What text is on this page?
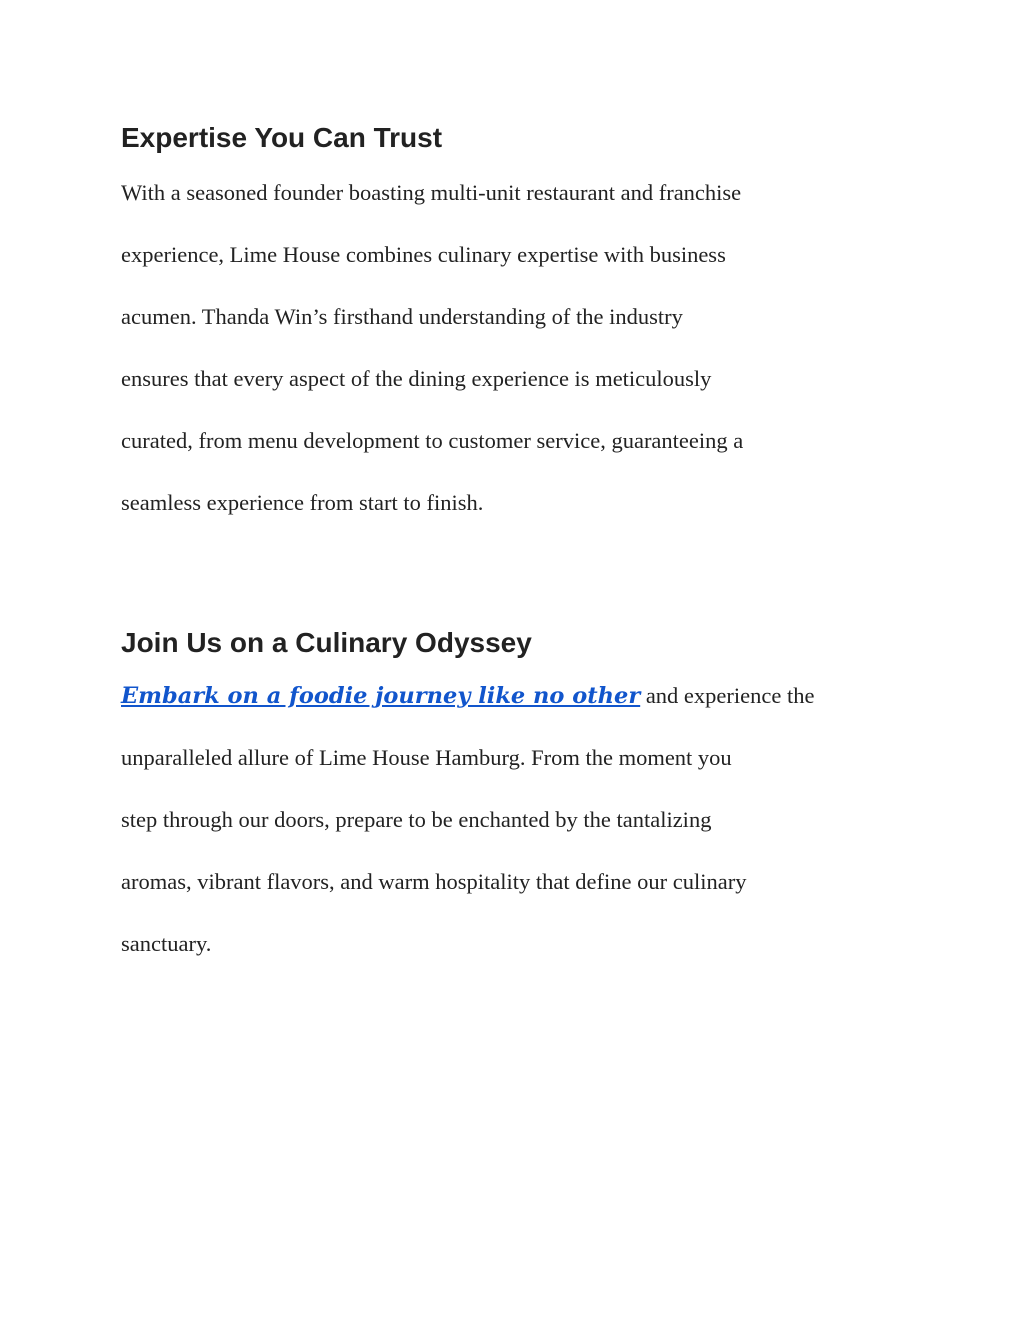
Expertise You Can Trust

With a seasoned founder boasting multi-unit restaurant and franchise
experience, Lime House combines culinary expertise with business
acumen. Thanda Win’s firsthand understanding of the industry
ensures that every aspect of the dining experience is meticulously
curated, from menu development to customer service, guaranteeing a
seamless experience from start to finish.

Join Us on a Culinary Odyssey

Embark on a foodie journey like no other and experience the
unparalleled allure of Lime House Hamburg. From the moment you
step through our doors, prepare to be enchanted by the tantalizing
aromas, vibrant flavors, and warm hospitality that define our culinary
sanctuary.
